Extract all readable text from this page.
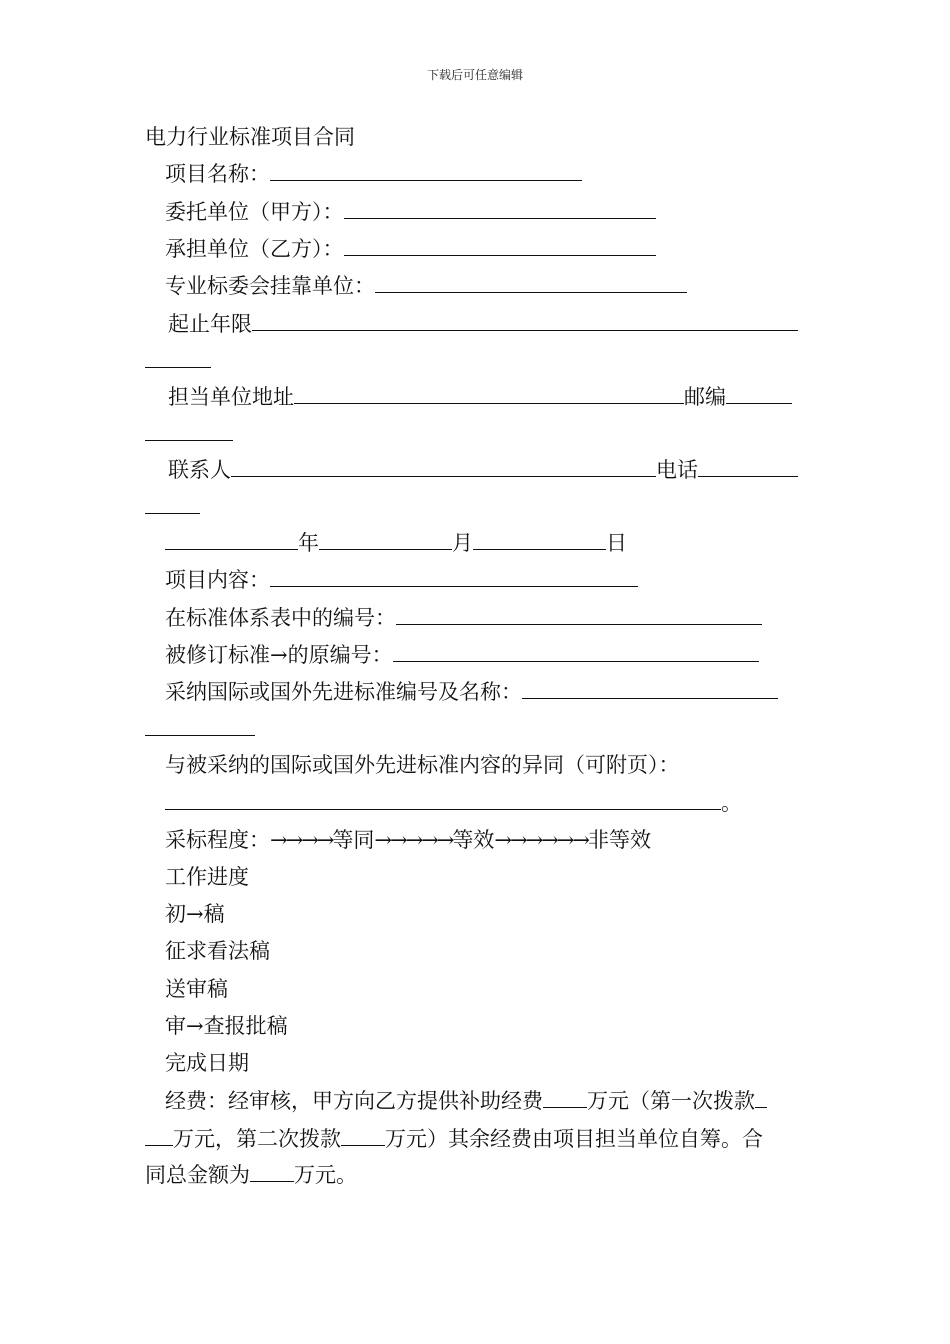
下载后可任意编辑
电力行业标准项目合同
项目名称：
委托单位（甲方）：
承担单位（乙方）：
专业标委会挂靠单位：
起止年限
担当单位地址	邮编
联系人	电话
年	月	日
项目内容：
在标准体系表中的编号：
被修订标准→的原编号：
采纳国际或国外先进标准编号及名称：
与被采纳的国际或国外先进标准内容的异同（可附页）：
。
采标程度：→→→→等同→→→→→等效→→→→→→非等效
工作进度
初→稿
征求看法稿
送审稿
审→查报批稿
完成日期
经费：经审核，甲方向乙方提供补助经费 万元（第一次拨款
万元，第二次拨款 万元）其余经费由项目担当单位自筹。合
同总金额为 万元。
